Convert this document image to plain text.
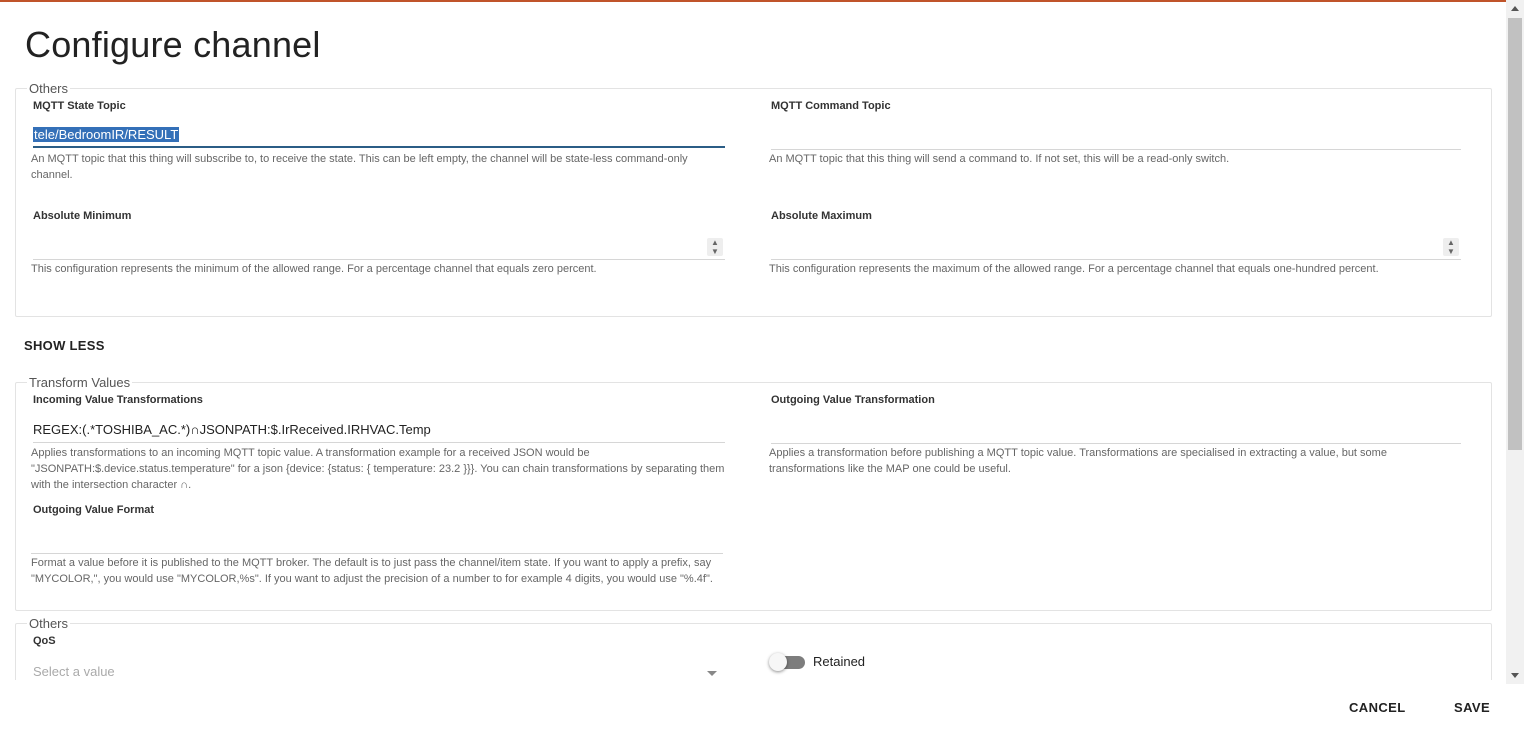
Configure channel
Others
MQTT State Topic
tele/BedroomIR/RESULT
An MQTT topic that this thing will subscribe to, to receive the state. This can be left empty, the channel will be state-less command-only channel.
MQTT Command Topic
An MQTT topic that this thing will send a command to. If not set, this will be a read-only switch.
Absolute Minimum
▲
▼
This configuration represents the minimum of the allowed range. For a percentage channel that equals zero percent.
Absolute Maximum
▲
▼
This configuration represents the maximum of the allowed range. For a percentage channel that equals one-hundred percent.
SHOW LESS
Transform Values
Incoming Value Transformations
REGEX:(.*TOSHIBA_AC.*)∩JSONPATH:$.IrReceived.IRHVAC.Temp
Applies transformations to an incoming MQTT topic value. A transformation example for a received JSON would be "JSONPATH:$.device.status.temperature" for a json {device: {status: { temperature: 23.2 }}}. You can chain transformations by separating them with the intersection character ∩.
Outgoing Value Transformation
Applies a transformation before publishing a MQTT topic value. Transformations are specialised in extracting a value, but some transformations like the MAP one could be useful.
Outgoing Value Format
Format a value before it is published to the MQTT broker. The default is to just pass the channel/item state. If you want to apply a prefix, say "MYCOLOR,", you would use "MYCOLOR,%s". If you want to adjust the precision of a number to for example 4 digits, you would use "%.4f".
Others
QoS
Select a value
Retained
CANCEL	SAVE
